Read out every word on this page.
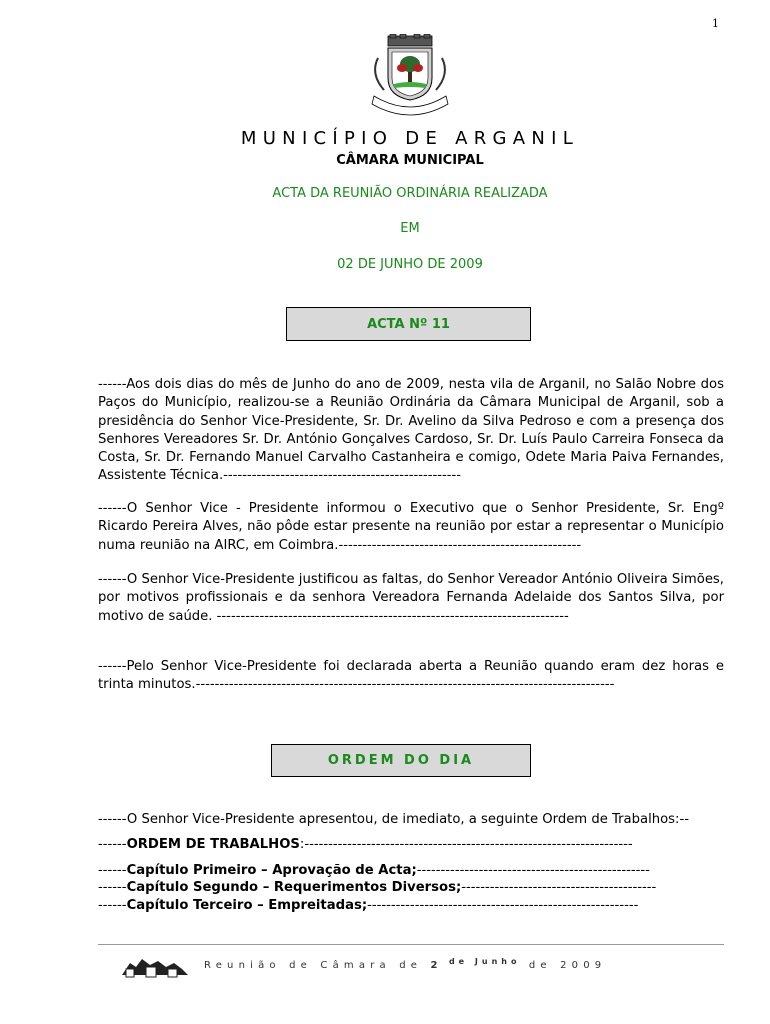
1
MUNICÍPIO DE ARGANIL
CÂMARA MUNICIPAL
ACTA DA REUNIÃO ORDINÁRIA REALIZADA
EM
02 DE JUNHO DE 2009
ACTA Nº 11
------Aos dois dias do mês de Junho do ano de 2009, nesta vila de Arganil, no Salão Nobre dos Paços do Município, realizou-se a Reunião Ordinária da Câmara Municipal de Arganil, sob a presidência do Senhor Vice-Presidente, Sr. Dr. Avelino da Silva Pedroso e com a presença dos Senhores Vereadores Sr. Dr. António Gonçalves Cardoso, Sr. Dr. Luís Paulo Carreira Fonseca da Costa, Sr. Dr. Fernando Manuel Carvalho Castanheira e comigo, Odete Maria Paiva Fernandes, Assistente Técnica.--------------------------------------------------
------O Senhor Vice - Presidente informou o Executivo que o Senhor Presidente, Sr. Engº Ricardo Pereira Alves, não pôde estar presente na reunião por estar a representar o Município numa reunião na AIRC, em Coimbra.---------------------------------------------------
------O Senhor Vice-Presidente justificou as faltas, do Senhor Vereador António Oliveira Simões, por motivos profissionais e da senhora Vereadora Fernanda Adelaide dos Santos Silva, por motivo de saúde. --------------------------------------------------------------------------
------Pelo Senhor Vice-Presidente foi declarada aberta a Reunião quando eram dez horas e trinta minutos.----------------------------------------------------------------------------------------
ORDEM DO DIA
------O Senhor Vice-Presidente apresentou, de imediato, a seguinte Ordem de Trabalhos:--
------ORDEM DE TRABALHOS:---------------------------------------------------------------------
------Capítulo Primeiro – Aprovação de Acta;-------------------------------------------------
------Capítulo Segundo – Requerimentos Diversos;-----------------------------------------
------Capítulo Terceiro – Empreitadas;---------------------------------------------------------
Reunião de Câmara de 2 $^{de Junho}$ de 2009
